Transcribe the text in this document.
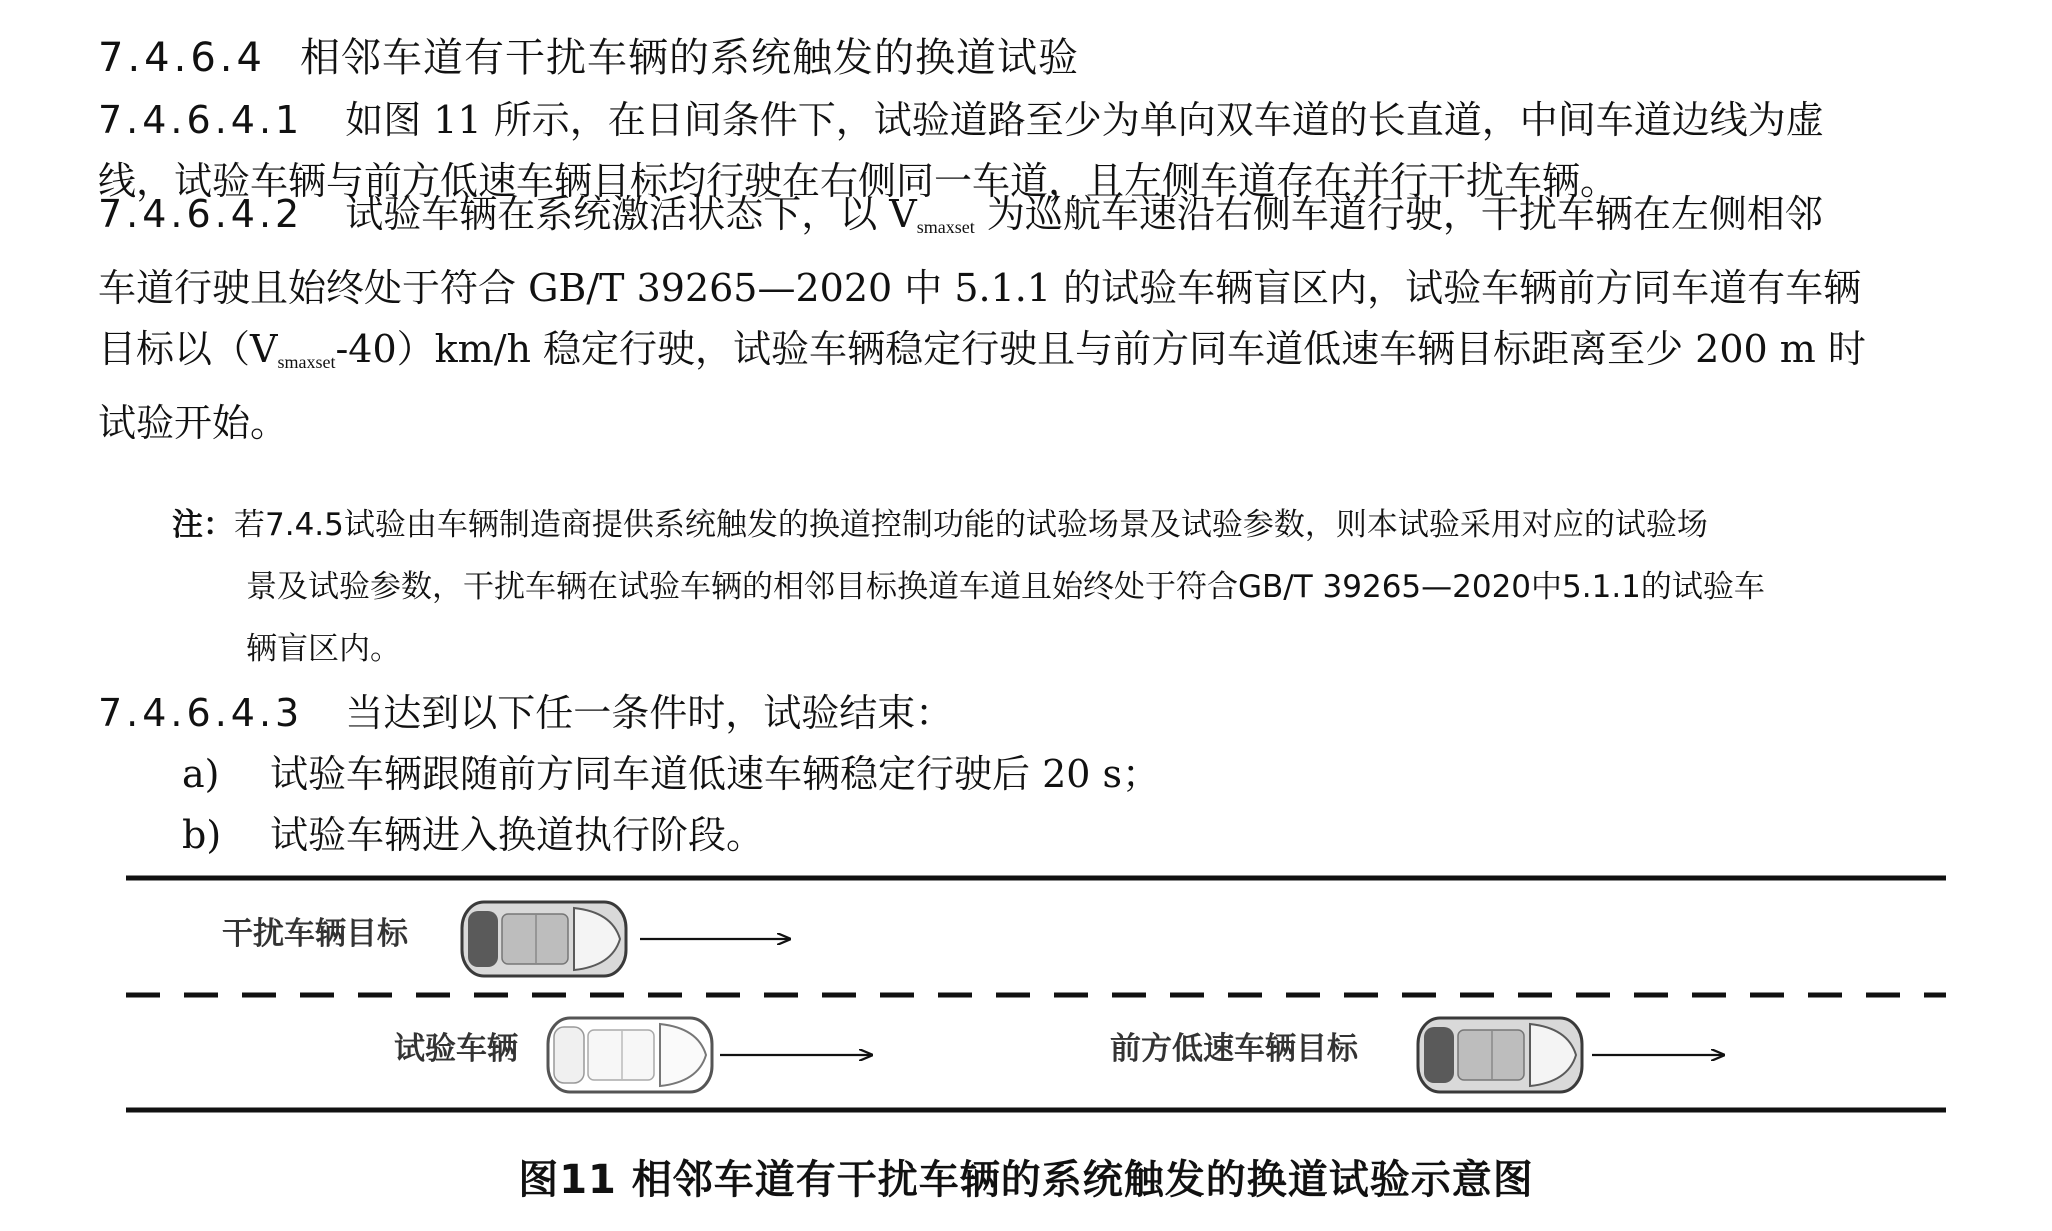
7.4.6.4 相邻车道有干扰车辆的系统触发的换道试验
7.4.6.4.1 如图 11 所示，在日间条件下，试验道路至少为单向双车道的长直道，中间车道边线为虚
线，试验车辆与前方低速车辆目标均行驶在右侧同一车道，且左侧车道存在并行干扰车辆。
7.4.6.4.2 试验车辆在系统激活状态下，以 $V_{smaxset}$ 为巡航车速沿右侧车道行驶，干扰车辆在左侧相邻
车道行驶且始终处于符合 GB/T 39265—2020 中 5.1.1 的试验车辆盲区内，试验车辆前方同车道有车辆
目标以$(V_{smaxset}-40)km/h$ 稳定行驶，试验车辆稳定行驶且与前方同车道低速车辆目标距离至少 200 m 时
试验开始。
注：若7.4.5试验由车辆制造商提供系统触发的换道控制功能的试验场景及试验参数，则本试验采用对应的试验场
景及试验参数，干扰车辆在试验车辆的相邻目标换道车道且始终处于符合GB/T 39265—2020中5.1.1的试验车
辆盲区内。
7.4.6.4.3 当达到以下任一条件时，试验结束：
a) 试验车辆跟随前方同车道低速车辆稳定行驶后 20 s；
b) 试验车辆进入换道执行阶段。
干扰车辆目标
试验车辆	前方低速车辆目标
图11 相邻车道有干扰车辆的系统触发的换道试验示意图
